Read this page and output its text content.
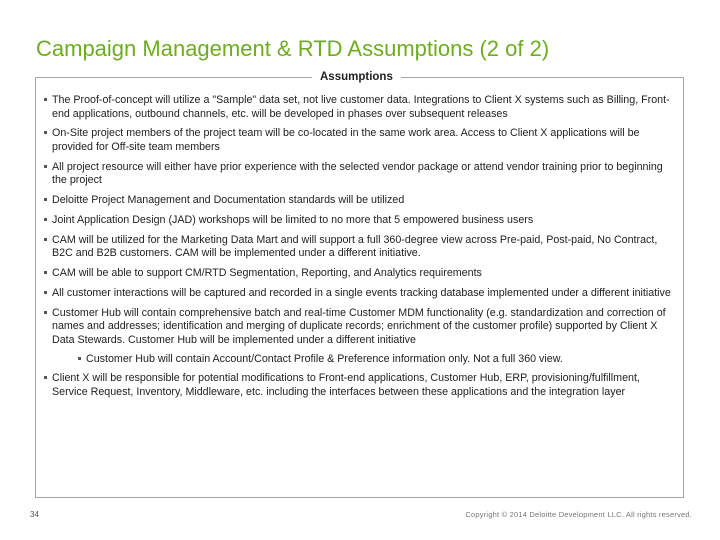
Campaign Management & RTD Assumptions (2 of 2)
Assumptions
The Proof-of-concept will utilize a "Sample" data set, not live customer data. Integrations to Client X systems such as Billing, Front-end applications, outbound channels, etc. will be developed in phases over subsequent releases
On-Site project members of the project team will be co-located in the same work area. Access to Client X applications will be provided for Off-site team members
All project resource will either have prior experience with the selected vendor package or attend vendor training prior to beginning the project
Deloitte Project Management and Documentation standards will be utilized
Joint Application Design (JAD) workshops will be limited to no more that 5 empowered business users
CAM will be utilized for the Marketing Data Mart and will support a full 360-degree view across Pre-paid, Post-paid, No Contract, B2C and B2B customers. CAM will be implemented under a different initiative.
CAM will be able to support CM/RTD Segmentation, Reporting, and Analytics requirements
All customer interactions will be captured and recorded in a single events tracking database implemented under a different initiative
Customer Hub will contain comprehensive batch and real-time Customer MDM functionality (e.g. standardization and correction of names and addresses; identification and merging of duplicate records; enrichment of the customer profile) supported by Client X Data Stewards. Customer Hub will be implemented under a different initiative
Customer Hub will contain Account/Contact Profile & Preference information only. Not a full 360 view.
Client X will be responsible for potential modifications to Front-end applications, Customer Hub, ERP, provisioning/fulfillment, Service Request, Inventory, Middleware, etc. including the interfaces between these applications and the integration layer
34	Copyright © 2014 Deloitte Development LLC. All rights reserved.
